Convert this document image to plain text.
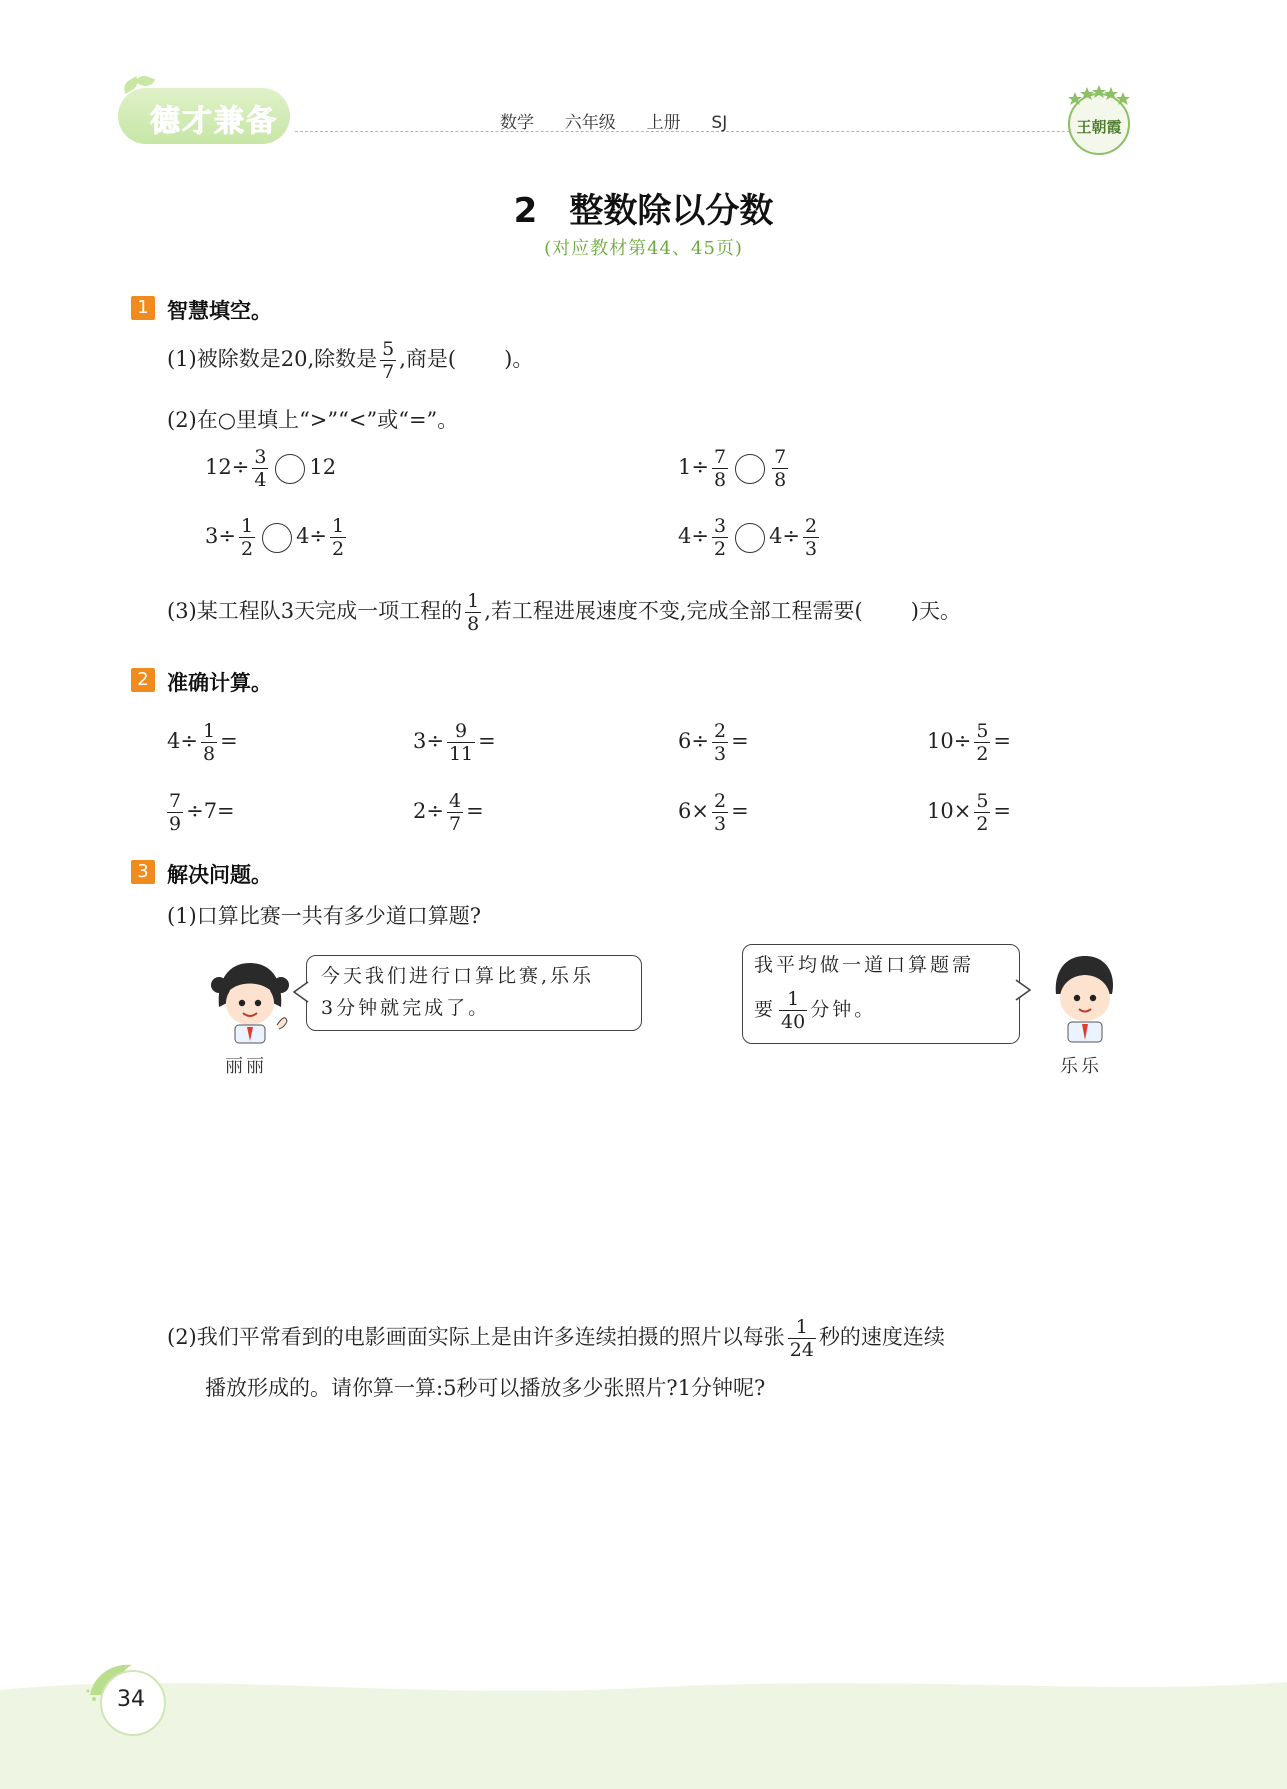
德才兼备	数学  六年级  上册  SJ	王朝霞
2 整数除以分数
(对应教材第44、45页)
1 智慧填空。
(1)被除数是20,除数是 $\frac{5}{7}$ ,商是( )。
(2)在○里填上“>”“<”或“=”。
$12\div \frac{3}{4} 12$	$1\div \frac{7}{8} \frac{7}{8}$
$3\div \frac{1}{2} 4\div \frac{1}{2}$	$4\div \frac{3}{2} 4\div \frac{2}{3}$
(3)某工程队3天完成一项工程的 $\frac{1}{8}$ ,若工程进展速度不变,完成全部工程需要( )天。
2 准确计算。
$4\div \frac{1}{8}$ =	$3\div \frac{9}{11}$ =	$6\div \frac{2}{3}$ =	$10\div \frac{5}{2}$ =
$\frac{7}{9} \div 7=$	$2\div \frac{4}{7}$ =	$6\times \frac{2}{3}$ =	$10\times \frac{5}{2}$ =
3 解决问题。
(1)口算比赛一共有多少道口算题?
丽丽
今天我们进行口算比赛,乐乐
3分钟就完成了。
我平均做一道口算题需
要 $\frac{1}{40}$ 分钟。
乐乐
(2)我们平常看到的电影画面实际上是由许多连续拍摄的照片以每张 $\frac{1}{24}$ 秒的速度连续
播放形成的。请你算一算:5秒可以播放多少张照片?1分钟呢?
34
